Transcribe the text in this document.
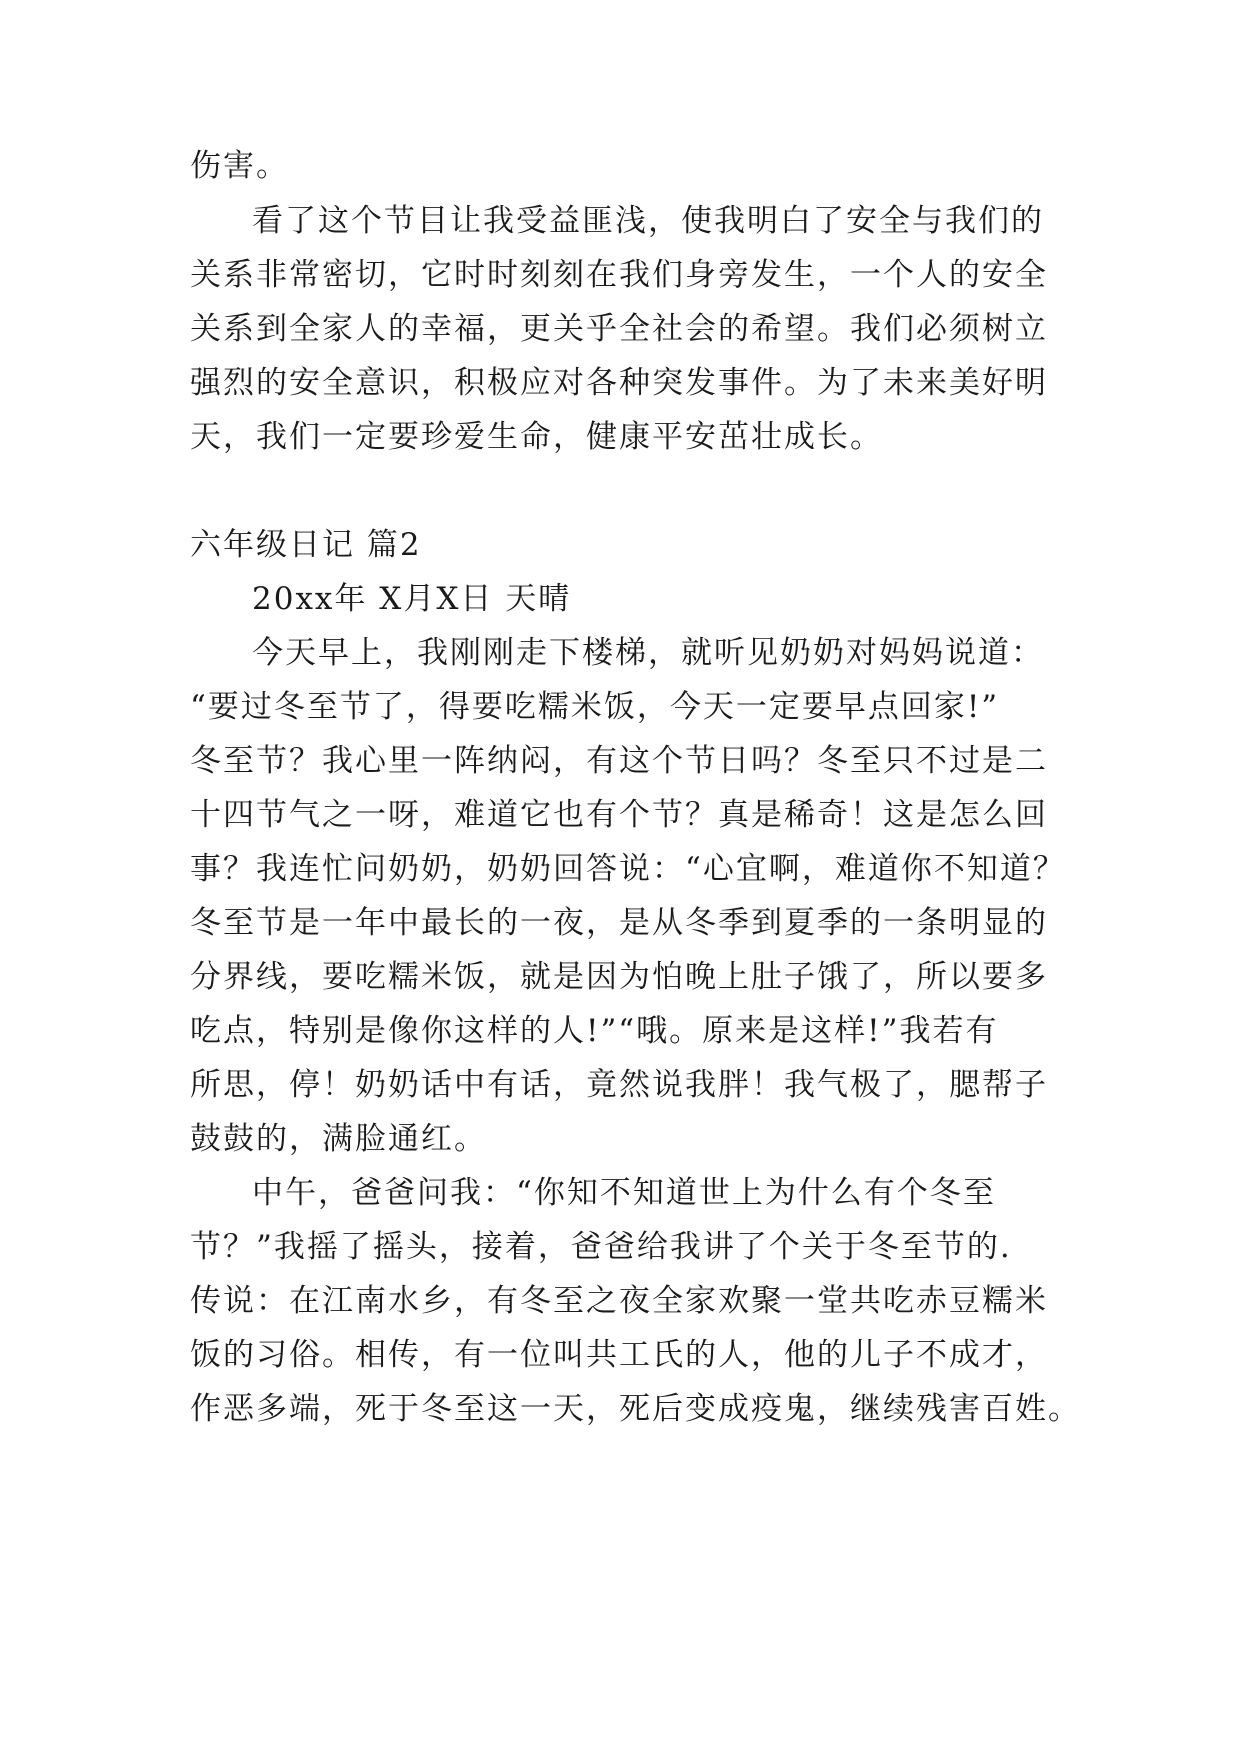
伤害。

看了这个节目让我受益匪浅，使我明白了安全与我们的

关系非常密切，它时时刻刻在我们身旁发生，一个人的安全

关系到全家人的幸福，更关乎全社会的希望。我们必须树立

强烈的安全意识，积极应对各种突发事件。为了未来美好明

天，我们一定要珍爱生命，健康平安茁壮成长。

六年级日记 篇2

20xx年 X月X日 天晴

今天早上，我刚刚走下楼梯，就听见奶奶对妈妈说道：

“要过冬至节了，得要吃糯米饭，今天一定要早点回家!”

冬至节？我心里一阵纳闷，有这个节日吗？冬至只不过是二

十四节气之一呀，难道它也有个节？真是稀奇！这是怎么回

事？我连忙问奶奶，奶奶回答说：“心宜啊，难道你不知道？

冬至节是一年中最长的一夜，是从冬季到夏季的一条明显的

分界线，要吃糯米饭，就是因为怕晚上肚子饿了，所以要多

吃点，特别是像你这样的人!”“哦。原来是这样!”我若有

所思，停！奶奶话中有话，竟然说我胖！我气极了，腮帮子

鼓鼓的，满脸通红。

中午，爸爸问我：“你知不知道世上为什么有个冬至

节？”我摇了摇头，接着，爸爸给我讲了个关于冬至节的.

传说：在江南水乡，有冬至之夜全家欢聚一堂共吃赤豆糯米

饭的习俗。相传，有一位叫共工氏的人，他的儿子不成才，

作恶多端，死于冬至这一天，死后变成疫鬼，继续残害百姓。
